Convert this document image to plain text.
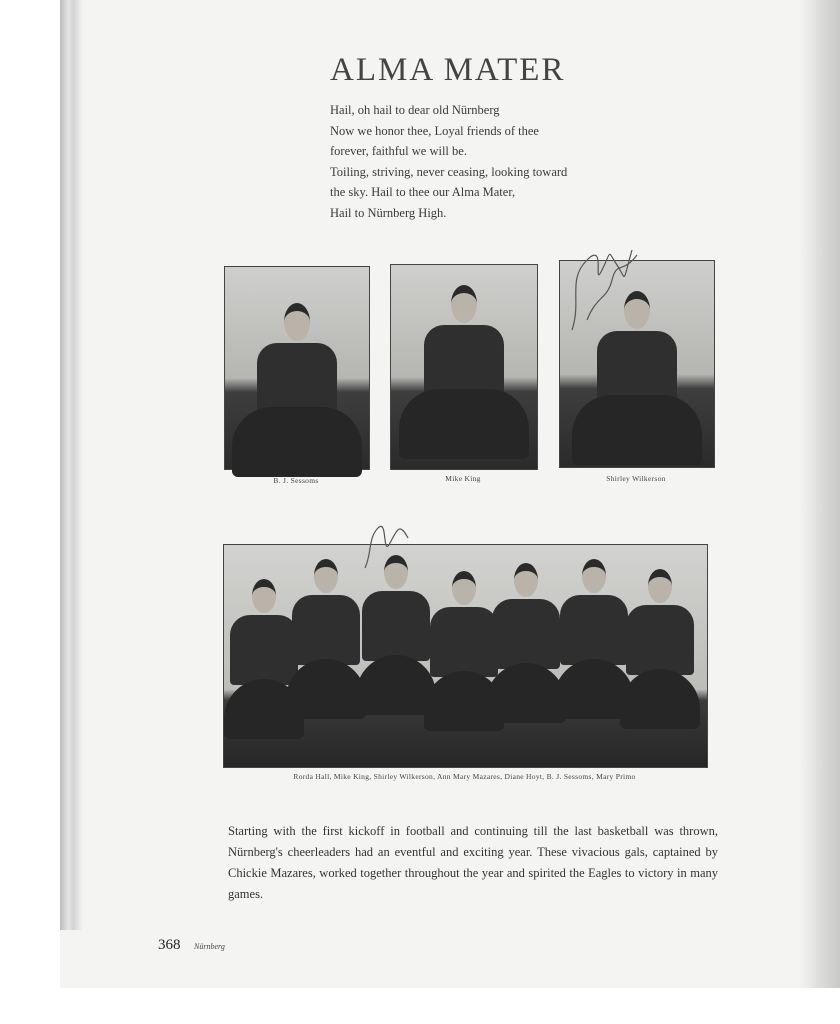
ALMA MATER
Hail, oh hail to dear old Nürnberg
Now we honor thee, Loyal friends of thee
forever, faithful we will be.
Toiling, striving, never ceasing, looking toward
the sky. Hail to thee our Alma Mater,
Hail to Nürnberg High.
B. J. Sessoms	Mike King	Shirley Wilkerson
Rorda Hall, Mike King, Shirley Wilkerson, Ann Mary Mazares, Diane Hoyt, B. J. Sessoms, Mary Primo
Starting with the first kickoff in football and continuing till the last basketball was thrown, Nürnberg's cheerleaders had an eventful and exciting year. These vivacious gals, captained by Chickie Mazares, worked together throughout the year and spirited the Eagles to victory in many games.
368 Nürnberg
